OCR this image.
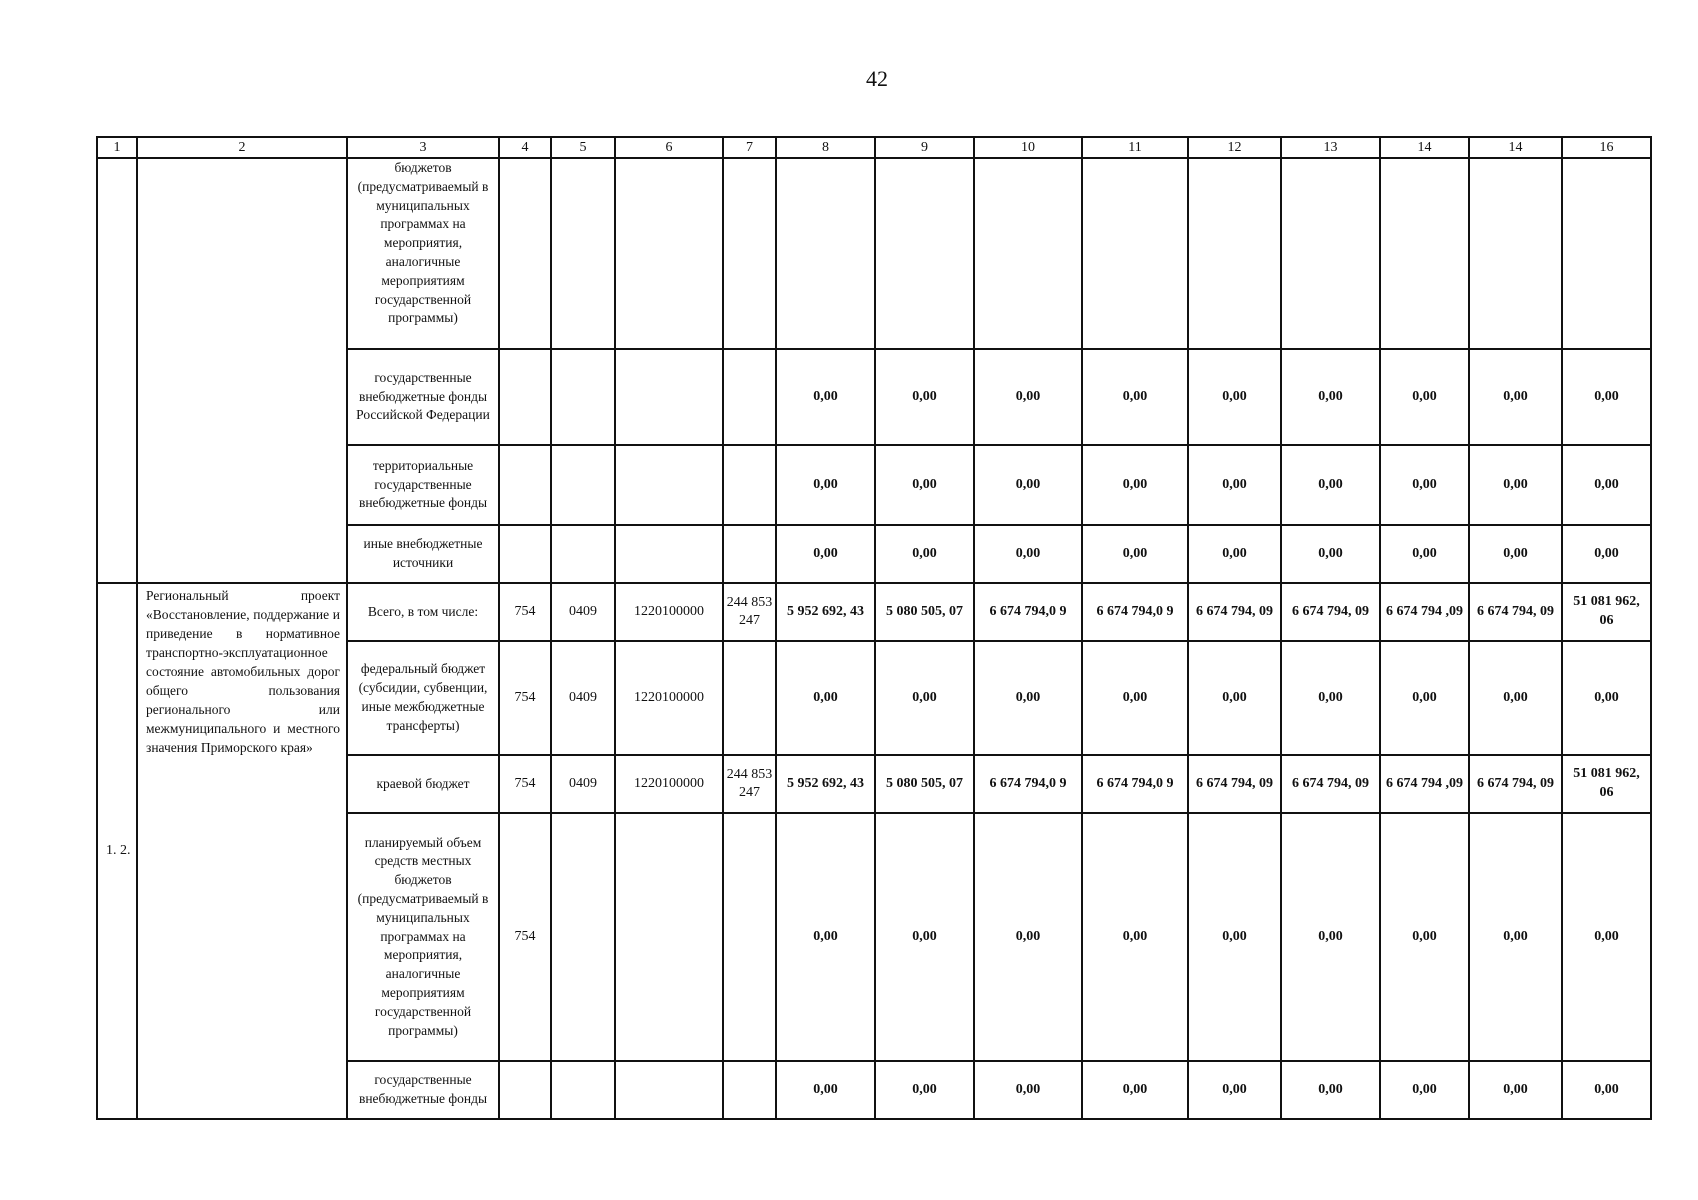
42
1	2	3	4	5	6	7	8	9	10	11	12	13	14	14	16
		бюджетов (предусматриваемый в муниципальных программах на мероприятия, аналогичные мероприятиям государственной программы)													
		государственные внебюджетные фонды Российской Федерации					0,00	0,00	0,00	0,00	0,00	0,00	0,00	0,00	0,00
		территориальные государственные внебюджетные фонды					0,00	0,00	0,00	0,00	0,00	0,00	0,00	0,00	0,00
		иные внебюджетные источники					0,00	0,00	0,00	0,00	0,00	0,00	0,00	0,00	0,00
1. 2.	Региональный проект «Восстановление, поддержание и приведение в нормативное транспортно-эксплуатационное состояние автомобильных дорог общего пользования регионального или межмуниципального и местного значения Приморского края»	Всего, в том числе:	754	0409	1220100000	244 853 247	5 952 692, 43	5 080 505, 07	6 674 794,0 9	6 674 794,0 9	6 674 794, 09	6 674 794, 09	6 674 794 ,09	6 674 794, 09	51 081 962, 06
		федеральный бюджет (субсидии, субвенции, иные межбюджетные трансферты)	754	0409	1220100000		0,00	0,00	0,00	0,00	0,00	0,00	0,00	0,00	0,00
		краевой бюджет	754	0409	1220100000	244 853 247	5 952 692, 43	5 080 505, 07	6 674 794,0 9	6 674 794,0 9	6 674 794, 09	6 674 794, 09	6 674 794 ,09	6 674 794, 09	51 081 962, 06
		планируемый объем средств местных бюджетов (предусматриваемый в муниципальных программах на мероприятия, аналогичные мероприятиям государственной программы)	754				0,00	0,00	0,00	0,00	0,00	0,00	0,00	0,00	0,00
		государственные внебюджетные фонды					0,00	0,00	0,00	0,00	0,00	0,00	0,00	0,00	0,00
